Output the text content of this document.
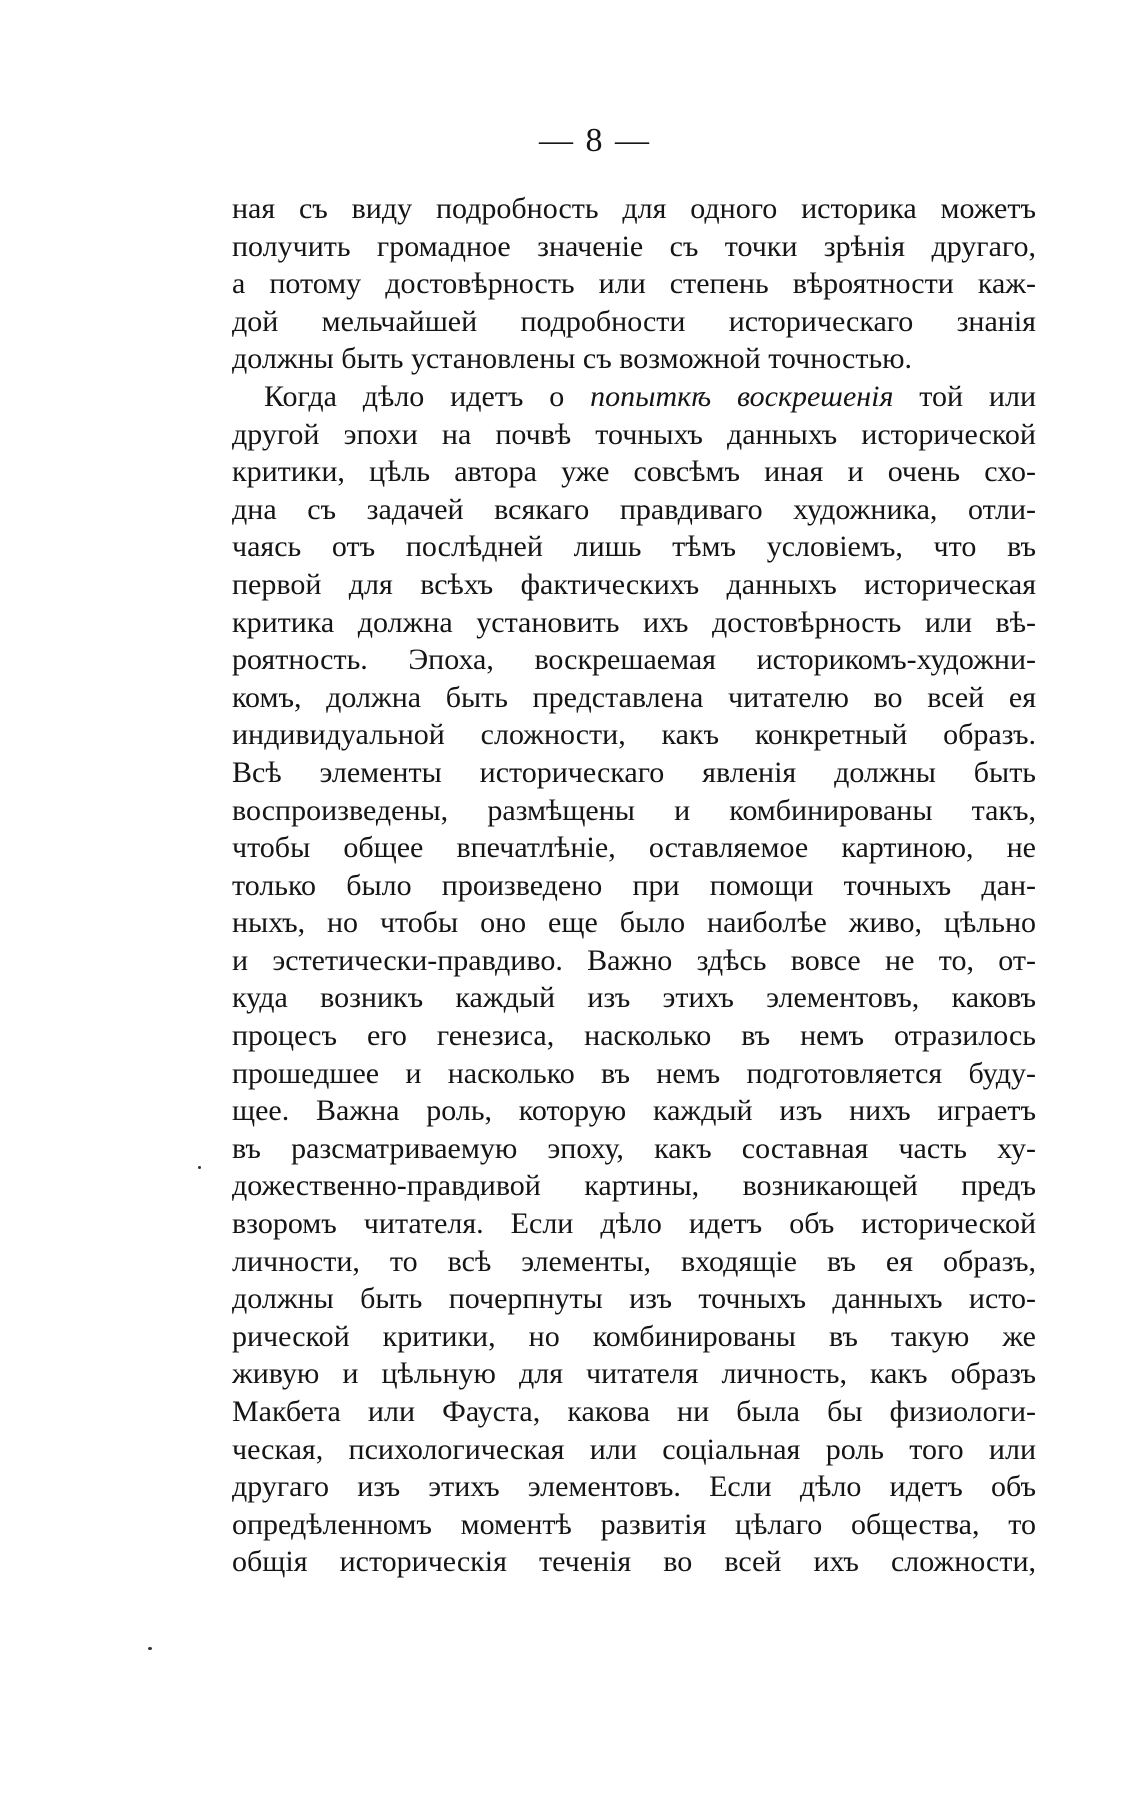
— 8 —
ная съ виду подробность для одного историка можетъ
получить громадное значеніе съ точки зрѣнія другаго,
а потому достовѣрность или степень вѣроятности каж-
дой мельчайшей подробности историческаго знанія
должны быть установлены съ возможной точностью.
Когда дѣло идетъ о попыткѣ воскрешенія той или
другой эпохи на почвѣ точныхъ данныхъ исторической
критики, цѣль автора уже совсѣмъ иная и очень схо-
дна съ задачей всякаго правдиваго художника, отли-
чаясь отъ послѣдней лишь тѣмъ условіемъ, что въ
первой для всѣхъ фактическихъ данныхъ историческая
критика должна установить ихъ достовѣрность или вѣ-
роятность. Эпоха, воскрешаемая историкомъ-художни-
комъ, должна быть представлена читателю во всей ея
индивидуальной сложности, какъ конкретный образъ.
Всѣ элементы историческаго явленія должны быть
воспроизведены, размѣщены и комбинированы такъ,
чтобы общее впечатлѣніе, оставляемое картиною, не
только было произведено при помощи точныхъ дан-
ныхъ, но чтобы оно еще было наиболѣе живо, цѣльно
и эстетически-правдиво. Важно здѣсь вовсе не то, от-
куда возникъ каждый изъ этихъ элементовъ, каковъ
процесъ его генезиса, насколько въ немъ отразилось
прошедшее и насколько въ немъ подготовляется буду-
щее. Важна роль, которую каждый изъ нихъ играетъ
въ разсматриваемую эпоху, какъ составная часть ху-
дожественно-правдивой картины, возникающей предъ
взоромъ читателя. Если дѣло идетъ объ исторической
личности, то всѣ элементы, входящіе въ ея образъ,
должны быть почерпнуты изъ точныхъ данныхъ исто-
рической критики, но комбинированы въ такую же
живую и цѣльную для читателя личность, какъ образъ
Макбета или Фауста, какова ни была бы физиологи-
ческая, психологическая или соціальная роль того или
другаго изъ этихъ элементовъ. Если дѣло идетъ объ
опредѣленномъ моментѣ развитія цѣлаго общества, то
общія историческія теченія во всей ихъ сложности,
